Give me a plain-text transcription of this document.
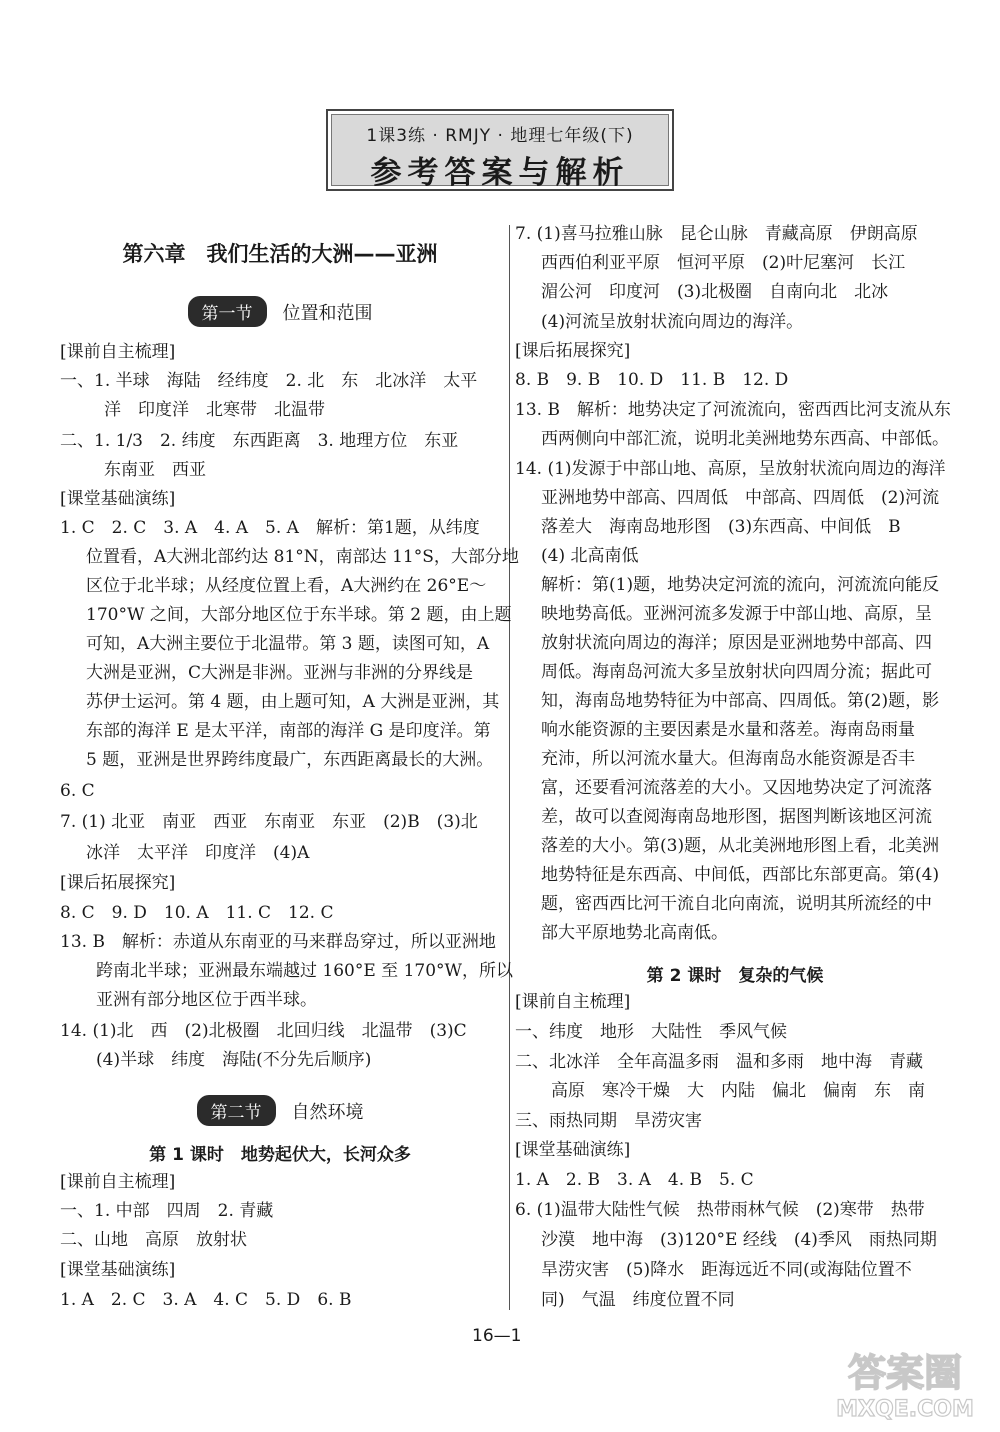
1课3练 · RMJY · 地理七年级(下)
参考答案与解析
第六章　我们生活的大洲——亚洲
第一节 位置和范围
[课前自主梳理]
一、1. 半球　海陆　经纬度　2. 北　东　北冰洋　太平
洋　印度洋　北寒带　北温带
二、1. 1/3　2. 纬度　东西距离　3. 地理方位　东亚
东南亚　西亚
[课堂基础演练]
1. C　2. C　3. A　4. A　5. A　解析：第1题，从纬度
位置看，A大洲北部约达 81°N，南部达 11°S，大部分地
区位于北半球；从经度位置上看，A大洲约在 26°E～
170°W 之间，大部分地区位于东半球。第 2 题，由上题
可知，A大洲主要位于北温带。第 3 题，读图可知，A
大洲是亚洲，C大洲是非洲。亚洲与非洲的分界线是
苏伊士运河。第 4 题，由上题可知，A 大洲是亚洲，其
东部的海洋 E 是太平洋，南部的海洋 G 是印度洋。第
5 题，亚洲是世界跨纬度最广，东西距离最长的大洲。
6. C
7. (1) 北亚　南亚　西亚　东南亚　东亚　(2)B　(3)北
冰洋　太平洋　印度洋　(4)A
[课后拓展探究]
8. C　9. D　10. A　11. C　12. C
13. B　解析：赤道从东南亚的马来群岛穿过，所以亚洲地
跨南北半球；亚洲最东端越过 160°E 至 170°W，所以
亚洲有部分地区位于西半球。
14. (1)北　西　(2)北极圈　北回归线　北温带　(3)C
(4)半球　纬度　海陆(不分先后顺序)
第二节 自然环境
第 1 课时　地势起伏大，长河众多
[课前自主梳理]
一、1. 中部　四周　2. 青藏
二、山地　高原　放射状
[课堂基础演练]
1. A　2. C　3. A　4. C　5. D　6. B
7. (1)喜马拉雅山脉　昆仑山脉　青藏高原　伊朗高原
西西伯利亚平原　恒河平原　(2)叶尼塞河　长江
湄公河　印度河　(3)北极圈　自南向北　北冰
(4)河流呈放射状流向周边的海洋。
[课后拓展探究]
8. B　9. B　10. D　11. B　12. D
13. B　解析：地势决定了河流流向，密西西比河支流从东
西两侧向中部汇流，说明北美洲地势东西高、中部低。
14. (1)发源于中部山地、高原，呈放射状流向周边的海洋
亚洲地势中部高、四周低　中部高、四周低　(2)河流
落差大　海南岛地形图　(3)东西高、中间低　B
(4) 北高南低
解析：第(1)题，地势决定河流的流向，河流流向能反
映地势高低。亚洲河流多发源于中部山地、高原，呈
放射状流向周边的海洋；原因是亚洲地势中部高、四
周低。海南岛河流大多呈放射状向四周分流；据此可
知，海南岛地势特征为中部高、四周低。第(2)题，影
响水能资源的主要因素是水量和落差。海南岛雨量
充沛，所以河流水量大。但海南岛水能资源是否丰
富，还要看河流落差的大小。又因地势决定了河流落
差，故可以查阅海南岛地形图，据图判断该地区河流
落差的大小。第(3)题，从北美洲地形图上看，北美洲
地势特征是东西高、中间低，西部比东部更高。第(4)
题，密西西比河干流自北向南流，说明其所流经的中
部大平原地势北高南低。
第 2 课时　复杂的气候
[课前自主梳理]
一、纬度　地形　大陆性　季风气候
二、北冰洋　全年高温多雨　温和多雨　地中海　青藏
高原　寒冷干燥　大　内陆　偏北　偏南　东　南
三、雨热同期　旱涝灾害
[课堂基础演练]
1. A　2. B　3. A　4. B　5. C
6. (1)温带大陆性气候　热带雨林气候　(2)寒带　热带
沙漠　地中海　(3)120°E 经线　(4)季风　雨热同期
旱涝灾害　(5)降水　距海远近不同(或海陆位置不
同)　气温　纬度位置不同
16—1
答案圈
MXQE.COM
